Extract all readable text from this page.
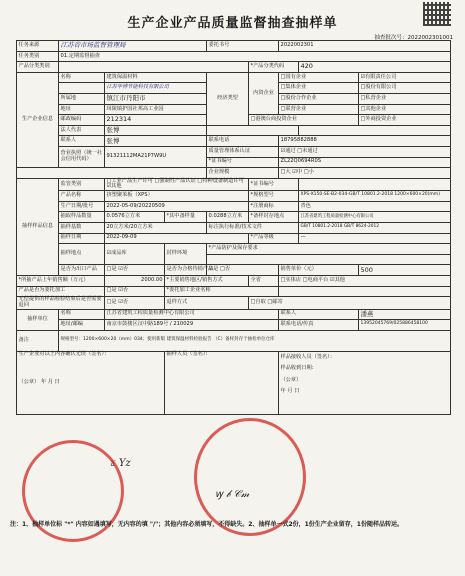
生产企业产品质量监督抽查抽样单
抽查批次号：2022002301001
任务来源	江苏省市场监督管理局			委托书号		2022002301		
任务类别	01.定期监督抽查							
产品分类类别					*产品分类代码		420	
生产企业信息	名称	建筑保温材料		经济类型	内资企业	□国有企业		☑有限责任公司
		江苏华博节能科技有限公司				□集体企业		□股份有限公司
	所属地	镇江市丹阳市				□股份合作企业		□私营企业
	地址	珥陵镇护国社邦高工业园				□联营企业		□其他企业
	邮政编码	212314			□港澳台商投资企业			□外商投资企业
	法人代表	张博						
	联系人	张博		联系电话		18795882888		
	营业执照（统一社会信用代码）	91321112MA21P7W9U		质量管理体系认证		☑通过 □未通过		
				*证书编号		ZL22Q0694R0S		
				企业规模		□大 ☑中 □小		
抽样样品信息	监管类别	□工业产品生产许可 □强制性产品认证 □特种设备制造许可 ☑其他			*证书编号			
	产品名称	挤塑聚苯板（XPS）			*规格型号		XPS-X150-SE-B2-034-GB/T 10801.2-2018 1200×600×20(mm)	
	生产日期/批号	2022-05-09/20220509			*注册商标		青色	
	抽取样品数量	0.0576立方米	*其中备样量	0.0288立方米	*备样封存地点		江苏省建筑工程质量检测中心有限公司	
	抽样基数	20立方米/20立方米		标注执行标准/技术文件			GB/T 10801.2-2018 GB/T 8624-2012	
	抽样日期	2022-09-09			*产品等级		—	
	抽样地点	☑成品库	封样环境	*产品防护及保存要求				

	是否为出口产品	□是 ☑否	是否为合格待销产品	☑是 □否		销售单价（元）		500
*所抽产品上年销售额（万元）		2000.00	*主要销售地区/销售方式		全省	□实体店 □电商平台 ☑其他		
产品是否为委托加工		□是 ☑否	*委托加工企业名称					
无偿提供的样品检验结束后是否需要退回		□是 ☑否	退样方式		□自取 □邮寄			
抽样单位	名称	江苏省建筑工程质量检测中心有限公司				联系人		潘燕
	地址/邮编	南京市鼓楼区汉中路189号 / 210029				联系电话/传真		13952045769/025886458100
备注	规格型号：1200×600×20（mm）034；使用新版 建筑保温材料检验报告 （C）备样封存于抽检单位仓库							
生产企业对以上内容确认无误（签名）：

（公章） 年 月 日			抽样人员（签名）：			样品接收人员（签名）：
样品收到日期：
（公章）
年 月 日		
ɤ Yz
ꝡ 𝒷 𝒞𝓂
注：1、抽样单位标 "*" 内容如遇填写，无内容的填 "/"；其他内容必须填写，不得缺失。2、抽样单一式2份，1份生产企业留存，1份随样品转运。
